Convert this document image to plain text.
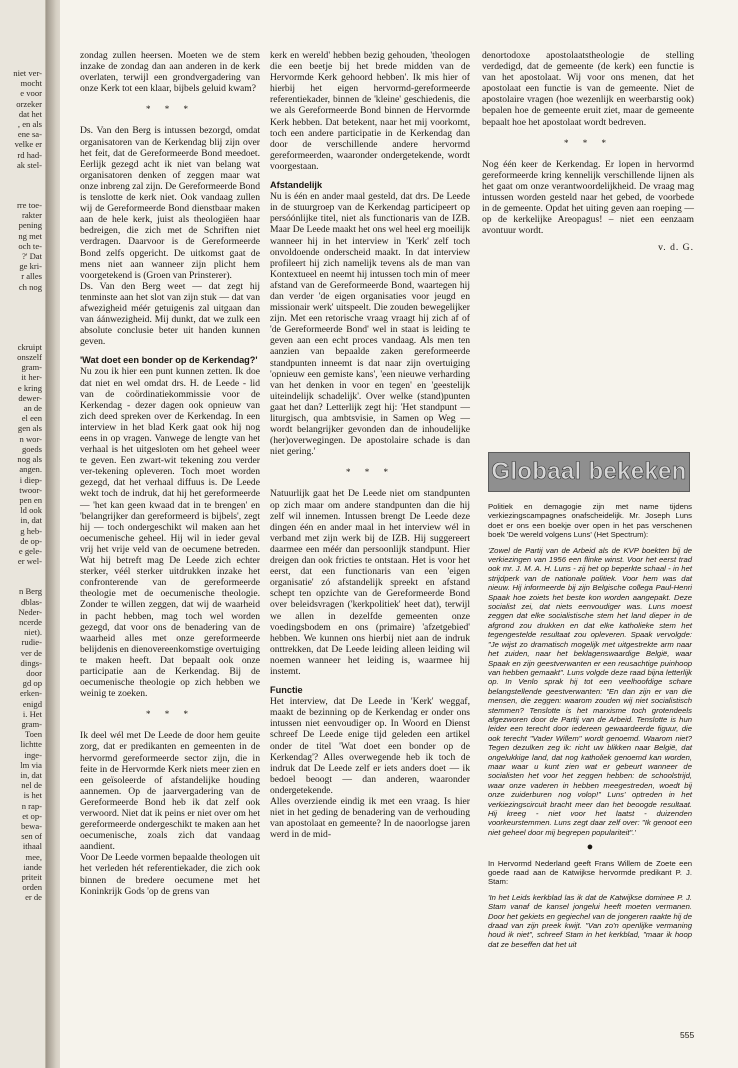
niet ver-
mocht
e voor
orzeker
dat het
, en als
ene sa-
velke er
rd had-
ak stel-
rre toe-
rakter
pening
ng met
och te-
?' Dat
ge kri-
r alles
ch nog
ckruipt
onszelf
gram-
it her-
e kring
dewer-
an de
el een
gen als
n wor-
goeds
nog als
angen.
i diep-
twoor-
pen en
ld ook
in, dat
g heb-
de op-
e gele-
er wel-
n Berg
dblas-
Neder-
ncerde
niet).
rudie-
ver de
dings-
door
gd op
erken-
enigd
i. Het
gram-
Toen
lichtte
inge-
lm via
in, dat
nel de
is het
n rap-
et op-
bewa-
sen of
ithaal
mee,
iande
priteit
orden
er de

zondag zullen heersen. Moeten we de stem inzake de zondag dan aan anderen in de kerk overlaten, terwijl een grondvergadering van onze Kerk tot een klaar, bijbels geluid kwam?

* * *

Ds. Van den Berg is intussen bezorgd, omdat organisatoren van de Kerkendag blij zijn over het feit, dat de Gereformeerde Bond meedoet. Eerlijk gezegd acht ik niet van belang wat organisatoren denken of zeggen maar wat onze inbreng zal zijn. De Gereformeerde Bond is tenslotte de kerk niet. Ook vandaag zullen wij de Gereformeerde Bond dienstbaar maken aan de hele kerk, juist als theologiëen haar bedreigen, die zich met de Schriften niet verdragen. Daarvoor is de Gereformeerde Bond zelfs opgericht. De uitkomst gaat de mens niet aan wanneer zijn plicht hem voorgetekend is (Groen van Prinsterer).

Ds. Van den Berg weet — dat zegt hij tenminste aan het slot van zijn stuk — dat van afwezigheid méér getuigenis zal uitgaan dan van áánwezigheid. Mij dunkt, dat we zulk een absolute conclusie beter uit handen kunnen geven.

'Wat doet een bonder op de Kerkendag?'

Nu zou ik hier een punt kunnen zetten. Ik doe dat niet en wel omdat drs. H. de Leede - lid van de coördinatiekommissie voor de Kerkendag - dezer dagen ook opnieuw van zich deed spreken over de Kerkendag. In een interview in het blad Kerk gaat ook hij nog eens in op vragen. Vanwege de lengte van het verhaal is het uitgesloten om het geheel weer te geven. Een zwart-wit tekening zou verder ver-tekening opleveren. Toch moet worden gezegd, dat het verhaal diffuus is. De Leede wekt toch de indruk, dat hij het gereformeerde — 'het kan geen kwaad dat in te brengen' en 'belangrijker dan gereformeerd is bijbels', zegt hij — toch ondergeschikt wil maken aan het oecumenische geheel. Hij wil in ieder geval vrij het vrije veld van de oecumene betreden. Wat hij betreft mag De Leede zich echter sterker, véél sterker uitdrukken inzake het confronterende van de gereformeerde theologie met de oecumenische theologie. Zonder te willen zeggen, dat wij de waarheid in pacht hebben, mag toch wel worden gezegd, dat voor ons de benadering van de waarheid alles met onze gereformeerde belijdenis en dienovereenkomstige overtuiging te maken heeft. Dat bepaalt ook onze participatie aan de Kerkendag. Bij de oecumenische theologie op zich hebben we weinig te zoeken.

* * *

Ik deel wél met De Leede de door hem geuite zorg, dat er predikanten en gemeenten in de hervormd gereformeerde sector zijn, die in feite in de Hervormde Kerk niets meer zien en een geïsoleerde of afstandelijke houding aannemen. Op de jaarvergadering van de Gereformeerde Bond heb ik dat zelf ook verwoord. Niet dat ik peins er niet over om het gereformeerde ondergeschikt te maken aan het oecumenische, zoals zich dat vandaag aandient.

Voor De Leede vormen bepaalde theologen uit het verleden hét referentiekader, die zich ook binnen de bredere oecumene met het Koninkrijk Gods 'op de grens van

kerk en wereld' hebben bezig gehouden, 'theologen die een beetje bij het brede midden van de Hervormde Kerk gehoord hebben'. Ik mis hier of hierbij het eigen hervormd-gereformeerde referentiekader, binnen de 'kleine' geschiedenis, die we als Gereformeerde Bond binnen de Hervormde Kerk hebben. Dat betekent, naar het mij voorkomt, toch een andere participatie in de Kerkendag dan door de verschillende andere hervormd gereformeerden, waaronder ondergetekende, wordt voorgestaan.

Afstandelijk

Nu is één en ander maal gesteld, dat drs. De Leede in de stuurgroep van de Kerkendag participeert op persóónlijke titel, niet als functionaris van de IZB. Maar De Leede maakt het ons wel heel erg moeilijk wanneer hij in het interview in 'Kerk' zelf toch onvoldoende onderscheid maakt. In dat interview profileert hij zich namelijk tevens als de man van Kontextueel en neemt hij intussen toch min of meer afstand van de Gereformeerde Bond, waartegen hij dan verder 'de eigen organisaties voor jeugd en missionair werk' uitspeelt. Die zouden bewegelijker zijn. Met een retorische vraag vraagt hij zich af of 'de Gereformeerde Bond' wel in staat is leiding te geven aan een echt proces vandaag. Als men ten aanzien van bepaalde zaken gereformeerde standpunten inneemt is dat naar zijn overtuiging 'opnieuw een gemiste kans', 'een nieuwe verharding van het denken in voor en tegen' en 'geestelijk uiteindelijk schadelijk'. Over welke (stand)punten gaat het dan? Letterlijk zegt hij: 'Het standpunt — liturgisch, qua ambtsvisie, in Samen op Weg — wordt belangrijker gevonden dan de inhoudelijke (her)overwegingen. De apostolaire schade is dan niet gering.'

* * *

Natuurlijk gaat het De Leede niet om standpunten op zich maar om andere standpunten dan die hij zelf wil innemen. Intussen brengt De Leede deze dingen één en ander maal in het interview wél in verband met zijn werk bij de IZB. Hij suggereert daarmee een méér dan persoonlijk standpunt. Hier dreigen dan ook fricties te ontstaan. Het is voor het eerst, dat een functionaris van een 'eigen organisatie' zó afstandelijk spreekt en afstand schept ten opzichte van de Gereformeerde Bond over beleidsvragen ('kerkpolitiek' heet dat), terwijl we allen in dezelfde gemeenten onze voedingsbodem en ons (primaire) 'afzetgebied' hebben. We kunnen ons hierbij niet aan de indruk onttrekken, dat De Leede leiding alleen leiding wil noemen wanneer het leiding is, waarmee hij instemt.

Functie

Het interview, dat De Leede in 'Kerk' weggaf, maakt de bezinning op de Kerkendag er onder ons intussen niet eenvoudiger op. In Woord en Dienst schreef De Leede enige tijd geleden een artikel onder de titel 'Wat doet een bonder op de Kerkendag'? Alles overwegende heb ik toch de indruk dat De Leede zelf er iets anders doet — ik bedoel beoogt — dan anderen, waaronder ondergetekende.

Alles overziende eindig ik met een vraag. Is hier niet in het geding de benadering van de verhouding van apostolaat en gemeente? In de naoorlogse jaren werd in de mid-

denortodoxe apostolaatstheologie de stelling verdedigd, dat de gemeente (de kerk) een functie is van het apostolaat. Wij voor ons menen, dat het apostolaat een functie is van de gemeente. Niet de apostolaire vragen (hoe wezenlijk en weerbarstig ook) bepalen hoe de gemeente eruit ziet, maar de gemeente bepaalt hoe het apostolaat wordt bedreven.

* * *

Nog één keer de Kerkendag. Er lopen in hervormd gereformeerde kring kennelijk verschillende lijnen als het gaat om onze verantwoordelijkheid. De vraag mag intussen worden gesteld naar het gebed, de voorbede in de gemeente. Opdat het uiting geven aan roeping — op de kerkelijke Areopagus! – niet een eenzaam avontuur wordt.

v. d. G.
Globaal bekeken

Politiek en demagogie zijn met name tijdens verkiezingscampagnes onafscheidelijk. Mr. Joseph Luns doet er ons een boekje over open in het pas verschenen boek 'De wereld volgens Luns' (Het Spectrum):

'Zowel de Partij van de Arbeid als de KVP boekten bij de verkiezingen van 1956 een flinke winst. Voor het eerst trad ook mr. J. M. A. H. Luns - zij het op beperkte schaal - in het strijdperk van de nationale politiek. Voor hem was dat nieuw. Hij informeerde bij zijn Belgische collega Paul-Henri Spaak hoe zoiets het beste kon worden aangepakt. Deze socialist zei, dat niets eenvoudiger was. Luns moest zeggen dat elke socialistische stem het land dieper in de afgrond zou drukken en dat elke katholieke stem het tegengestelde resultaat zou opleveren. Spaak vervolgde: "Je wijst zo dramatisch mogelijk met uitgestrekte arm naar het zuiden, naar het beklagenswaardige België, waar Spaak en zijn geestverwanten er een reusachtige puinhoop van hebben gemaakt". Luns volgde deze raad bijna letterlijk op. In Venlo sprak hij tot een veelhoofdige schare belangstellende geestverwanten: "En dan zijn er van die mensen, die zeggen: waarom zouden wij niet socialistisch stemmen? Tenslotte is het marxisme toch grotendeels afgezworen door de Partij van de Arbeid. Tenslotte is hun leider een terecht door iedereen gewaardeerde figuur, die ook terecht "Vader Willem" wordt genoemd. Waarom niet? Tegen dezulken zeg ik: richt uw blikken naar België, dat ongelukkige land, dat nog katholiek genoemd kan worden, maar waar u kunt zien wat er gebeurt wanneer de socialisten het voor het zeggen hebben: de schoolstrijd, waar onze vaderen in hebben meegestreden, woedt bij onze zuiderburen nog volop!" Luns' optreden in het verkiezingscircuit bracht meer dan het beoogde resultaat. Hij kreeg - niet voor het laatst - duizenden voorkeurstemmen. Luns zegt daar zelf over: "Ik genoot een niet geheel door mij begrepen populariteit".'

●

In Hervormd Nederland geeft Frans Willem de Zoete een goede raad aan de Katwijkse hervormde predikant P. J. Stam:

'In het Leids kerkblad las ik dat de Katwijkse dominee P. J. Stam vanaf de kansel jongelui heeft moeten vermanen. Door het gekiets en gegiechel van de jongeren raakte hij de draad van zijn preek kwijt. "Van zo'n openlijke vermaning houd ik niet", schreef Stam in het kerkblad, "maar ik hoop dat ze beseffen dat het uit

555
